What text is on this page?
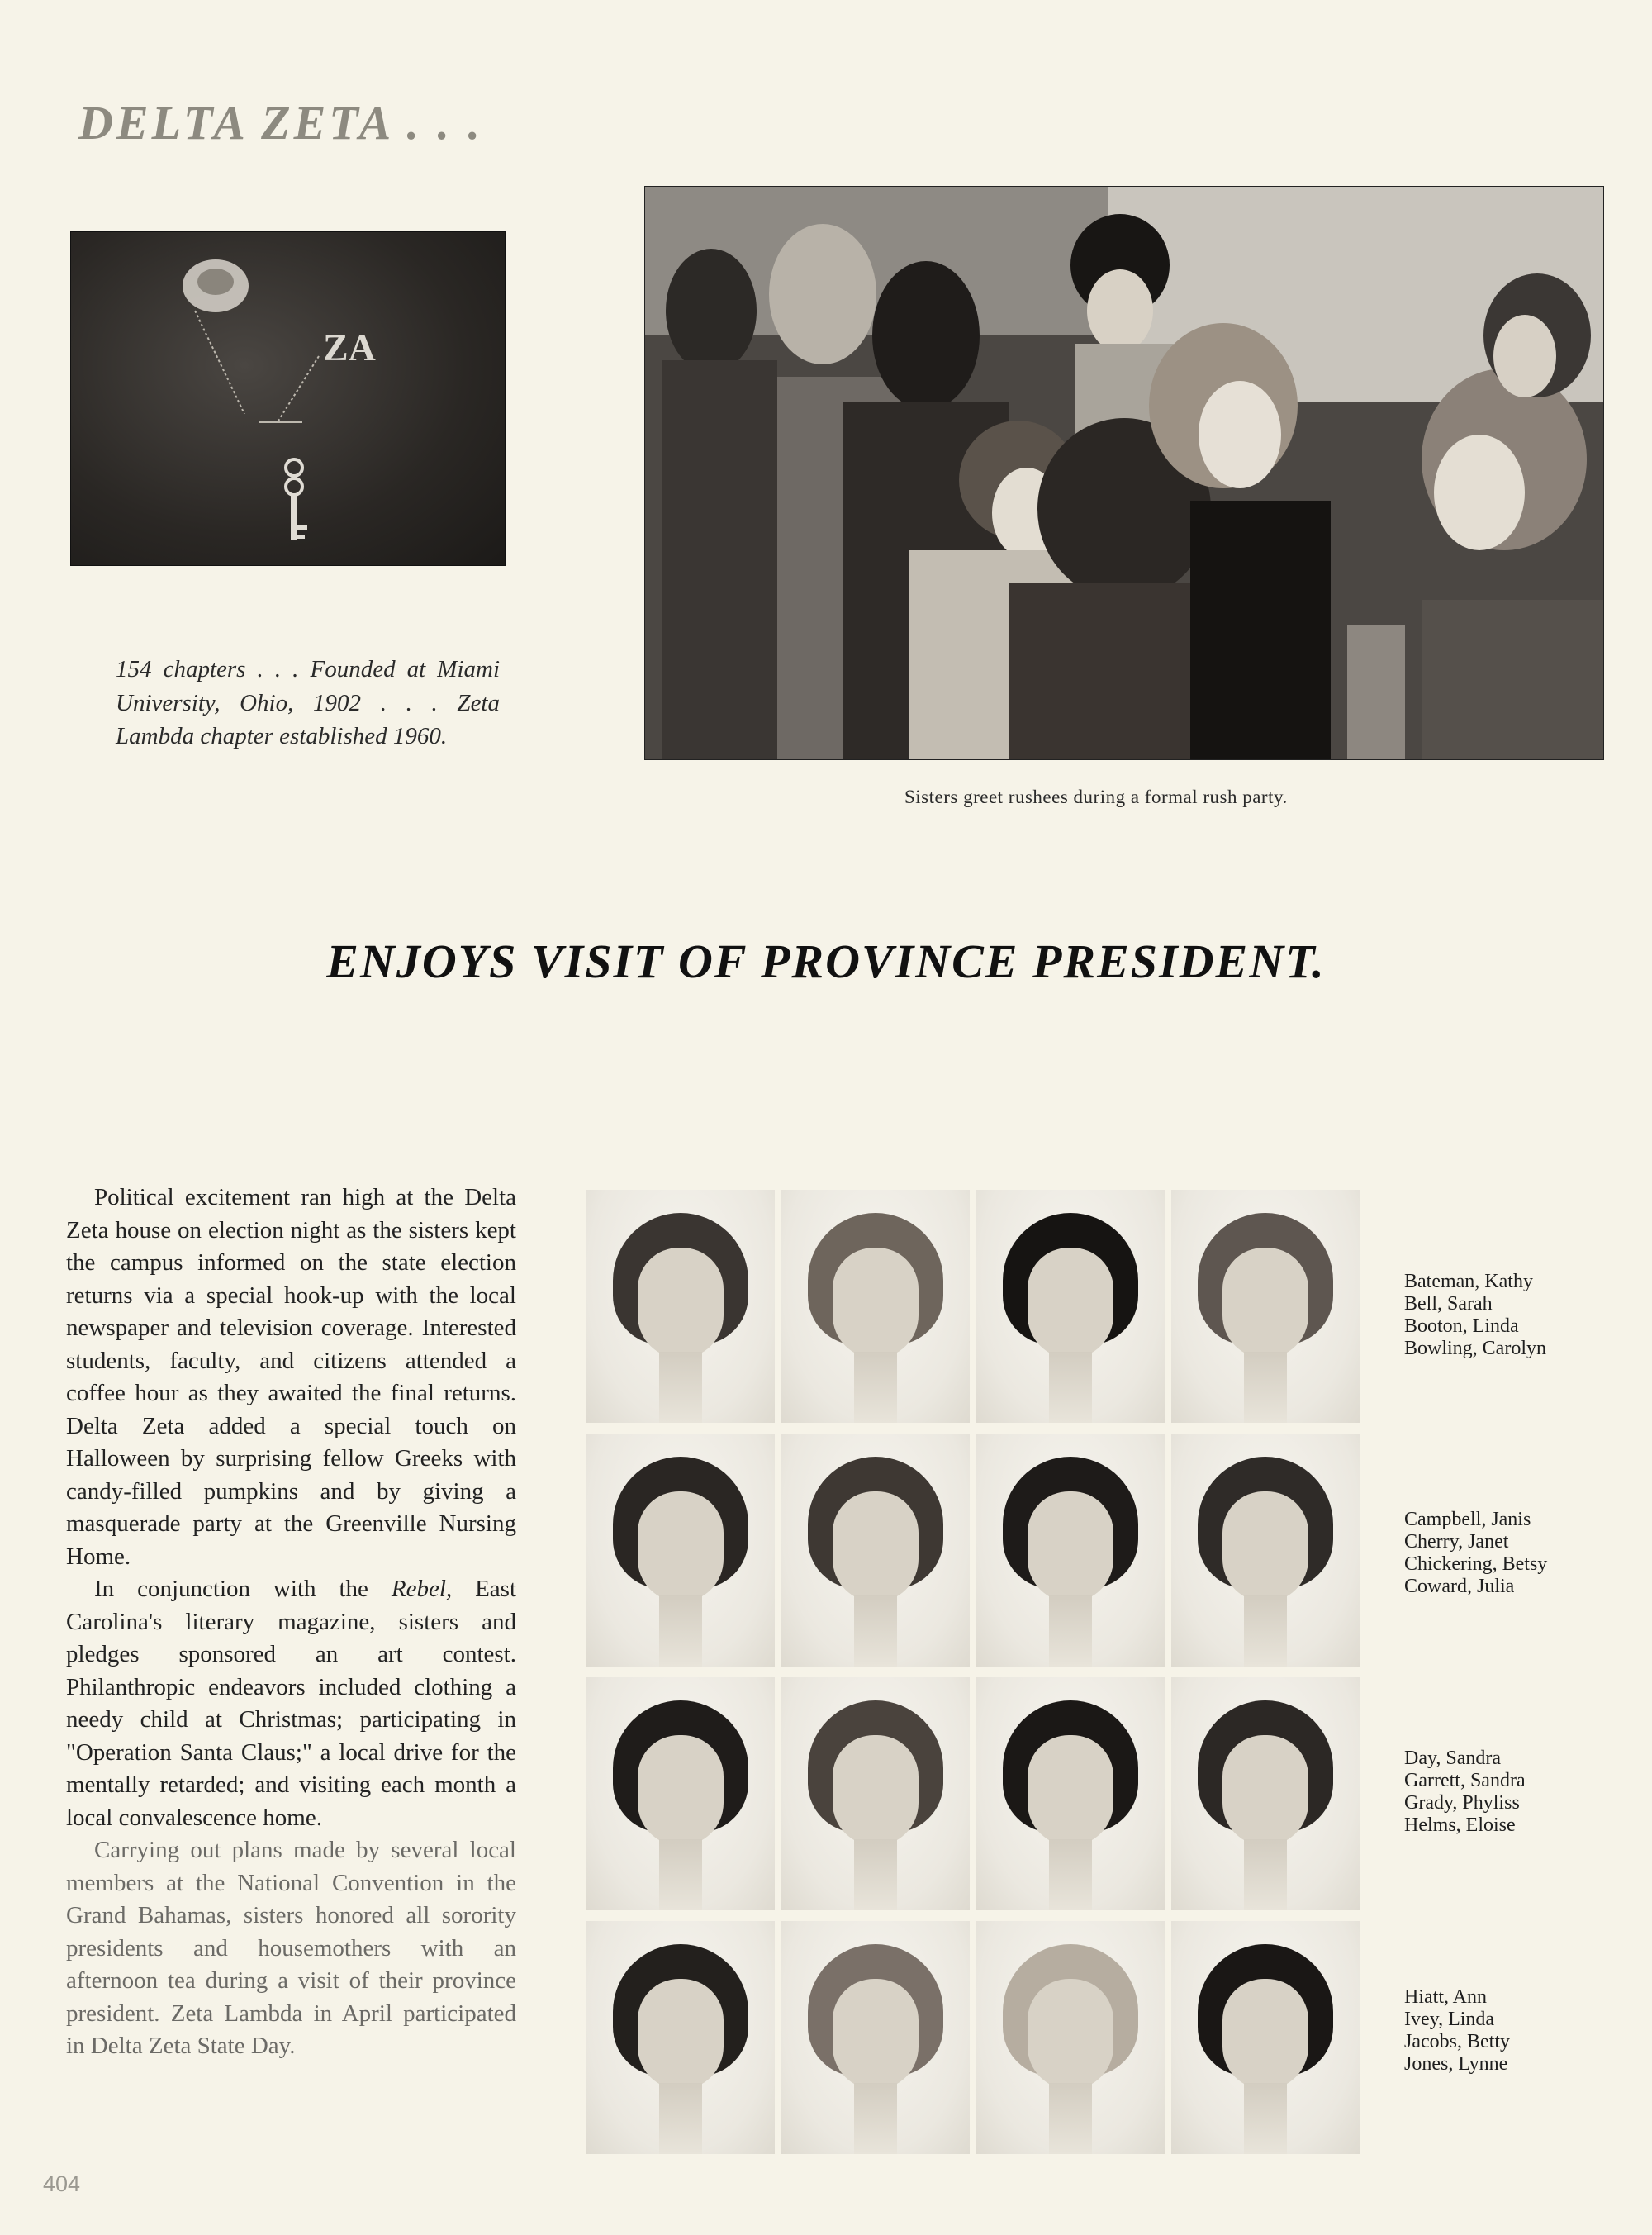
DELTA ZETA . . .
ZA
154 chapters . . . Founded at Miami University, Ohio, 1902 . . . Zeta Lambda chapter established 1960.
Sisters greet rushees during a formal rush party.
ENJOYS VISIT OF PROVINCE PRESIDENT.

Political excitement ran high at the Delta Zeta house on election night as the sisters kept the campus informed on the state election returns via a special hook-up with the local newspaper and television coverage. Interested students, faculty, and citizens attended a coffee hour as they awaited the final returns. Delta Zeta added a special touch on Halloween by surprising fellow Greeks with candy-filled pumpkins and by giving a masquerade party at the Greenville Nursing Home.

In conjunction with the Rebel, East Carolina's literary magazine, sisters and pledges sponsored an art contest. Philanthropic endeavors included clothing a needy child at Christmas; participating in "Operation Santa Claus;" a local drive for the mentally retarded; and visiting each month a local convalescence home.

Carrying out plans made by several local members at the National Convention in the Grand Bahamas, sisters honored all sorority presidents and housemothers with an afternoon tea during a visit of their province president. Zeta Lambda in April participated in Delta Zeta State Day.

Bateman, Kathy
Bell, Sarah
Booton, Linda
Bowling, Carolyn
Campbell, Janis
Cherry, Janet
Chickering, Betsy
Coward, Julia
Day, Sandra
Garrett, Sandra
Grady, Phyliss
Helms, Eloise
Hiatt, Ann
Ivey, Linda
Jacobs, Betty
Jones, Lynne
404
